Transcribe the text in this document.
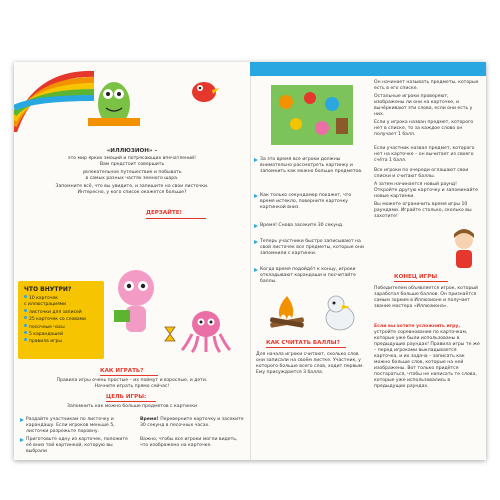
«ИЛЛЮЗИОН» –

это мир ярких эмоций и потрясающих впечатлений!

Вам предстоит совершить

увлекательное путешествие и побывать

в самых разных частях земного шара.

Запомните всё, что вы увидите, и запишите на свои листочки.

Интересно, у кого список окажется больше?

ДЕРЗАЙТЕ!

ЧТО ВНУТРИ?

10 карточек
с иллюстрациями
листочки для записей
25 карточек со словами
песочные часы
5 карандашей
правила игры

КАК ИГРАТЬ?

Правила игры очень простые – их поймут и взрослые, и дети.

Начните играть прямо сейчас!

ЦЕЛЬ ИГРЫ:

Запомнить как можно больше предметов с картинки

Раздайте участникам по листочку и карандашу. Если игроков меньше 5, листочки разрежьте поровну.

Приготовьте одну из карточек, положите её вниз той картинкой, которую вы выбрали

Время! Переверните карточку и засеките 30 секунд в песочных часах.

Важно, чтобы все игроки могли видеть, что изображено на карточке.

За это время все игроки должны внимательно рассмотреть картинку и запомнить как можно больше предметов.

Как только секундомер покажет, что время истекло, поверните карточку картинкой вниз.

Время! Снова засеките 30 секунд.

Теперь участники быстро записывают на свой листочек все предметы, которые они запомнили с картинки.

Когда время подойдёт к концу, игроки откладывают карандаши и посчитайте баллы.

КАК СЧИТАТЬ БАЛЛЫ?

Для начала игроки считают, сколько слов они записали на своём листке. Участник, у которого больше всего слов, ходит первым. Ему присуждается 3 балла.

Он начинает называть предметы, которые есть в его списке.

Остальные игроки проверяют, изображены ли они на карточке, и вычёркивают эти слова, если они есть у них.

Если у игрока назван предмет, которого нет в списке, то за каждое слово он получает 1 балл.

Если участник назвал предмет, которого нет на карточке – он вычитает из своего счёта 1 балл.

Все игроки по очереди оглашают свои списки и считают баллы.

А затем начинается новый раунд! Откройте другую карточку и запоминайте новые картинки.

Вы можете ограничить время игры 10 раундами. Играйте столько, сколько вы захотите!

КОНЕЦ ИГРЫ

Победителем объявляется игрок, который заработал больше баллов. Он признаётся самым зорким в Иллюзионе и получает звание мастера «Иллюзиона».

Если вы хотите усложнить игру, устройте соревнования по карточкам, которые уже были использованы в предыдущих раундах! Правила игры те же – перед игроками выкладывается карточка, и их задача – записать как можно больше слов, которые на ней изображены. Вот только придётся постараться, чтобы не написать те слова, которые уже использовались в предыдущих раундах.
